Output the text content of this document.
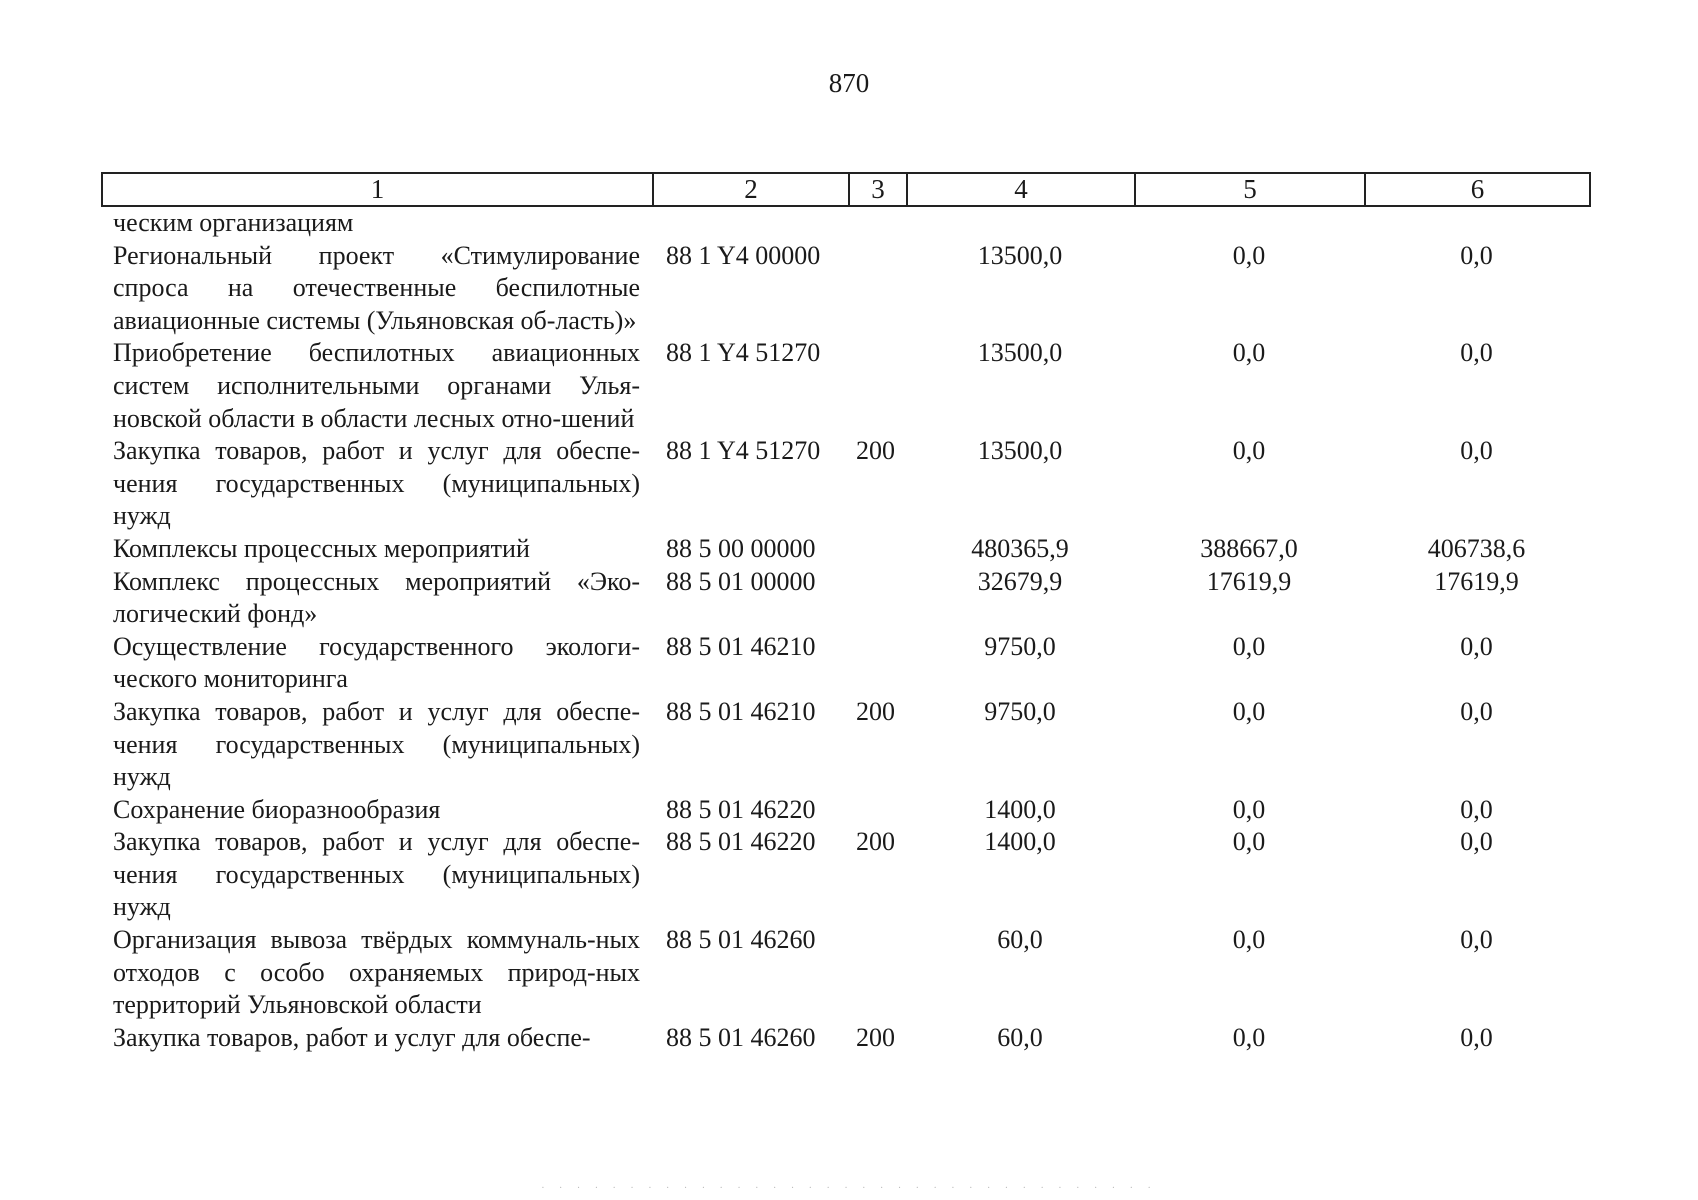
870
1	2	3	4	5	6
ческим организациям					
Региональный проект «Стимулирование спроса на отечественные беспилотные авиационные системы (Ульяновская об-ласть)»	88 1 Y4 00000		13500,0	0,0	0,0
Приобретение беспилотных авиационных систем исполнительными органами Улья-новской области в области лесных отно-шений	88 1 Y4 51270		13500,0	0,0	0,0
Закупка товаров, работ и услуг для обеспе-чения государственных (муниципальных) нужд	88 1 Y4 51270	200	13500,0	0,0	0,0
Комплексы процессных мероприятий	88 5 00 00000		480365,9	388667,0	406738,6
Комплекс процессных мероприятий «Эко-логический фонд»	88 5 01 00000		32679,9	17619,9	17619,9
Осуществление государственного экологи-ческого мониторинга	88 5 01 46210		9750,0	0,0	0,0
Закупка товаров, работ и услуг для обеспе-чения государственных (муниципальных) нужд	88 5 01 46210	200	9750,0	0,0	0,0
Сохранение биоразнообразия	88 5 01 46220		1400,0	0,0	0,0
Закупка товаров, работ и услуг для обеспе-чения государственных (муниципальных) нужд	88 5 01 46220	200	1400,0	0,0	0,0
Организация вывоза твёрдых коммуналь-ных отходов с особо охраняемых природ-ных территорий Ульяновской области	88 5 01 46260		60,0	0,0	0,0
Закупка товаров, работ и услуг для обеспе-	88 5 01 46260	200	60,0	0,0	0,0
· · · · · · · · · · · · · · · · · · · · · · · · · · · · · · · · · · ·
